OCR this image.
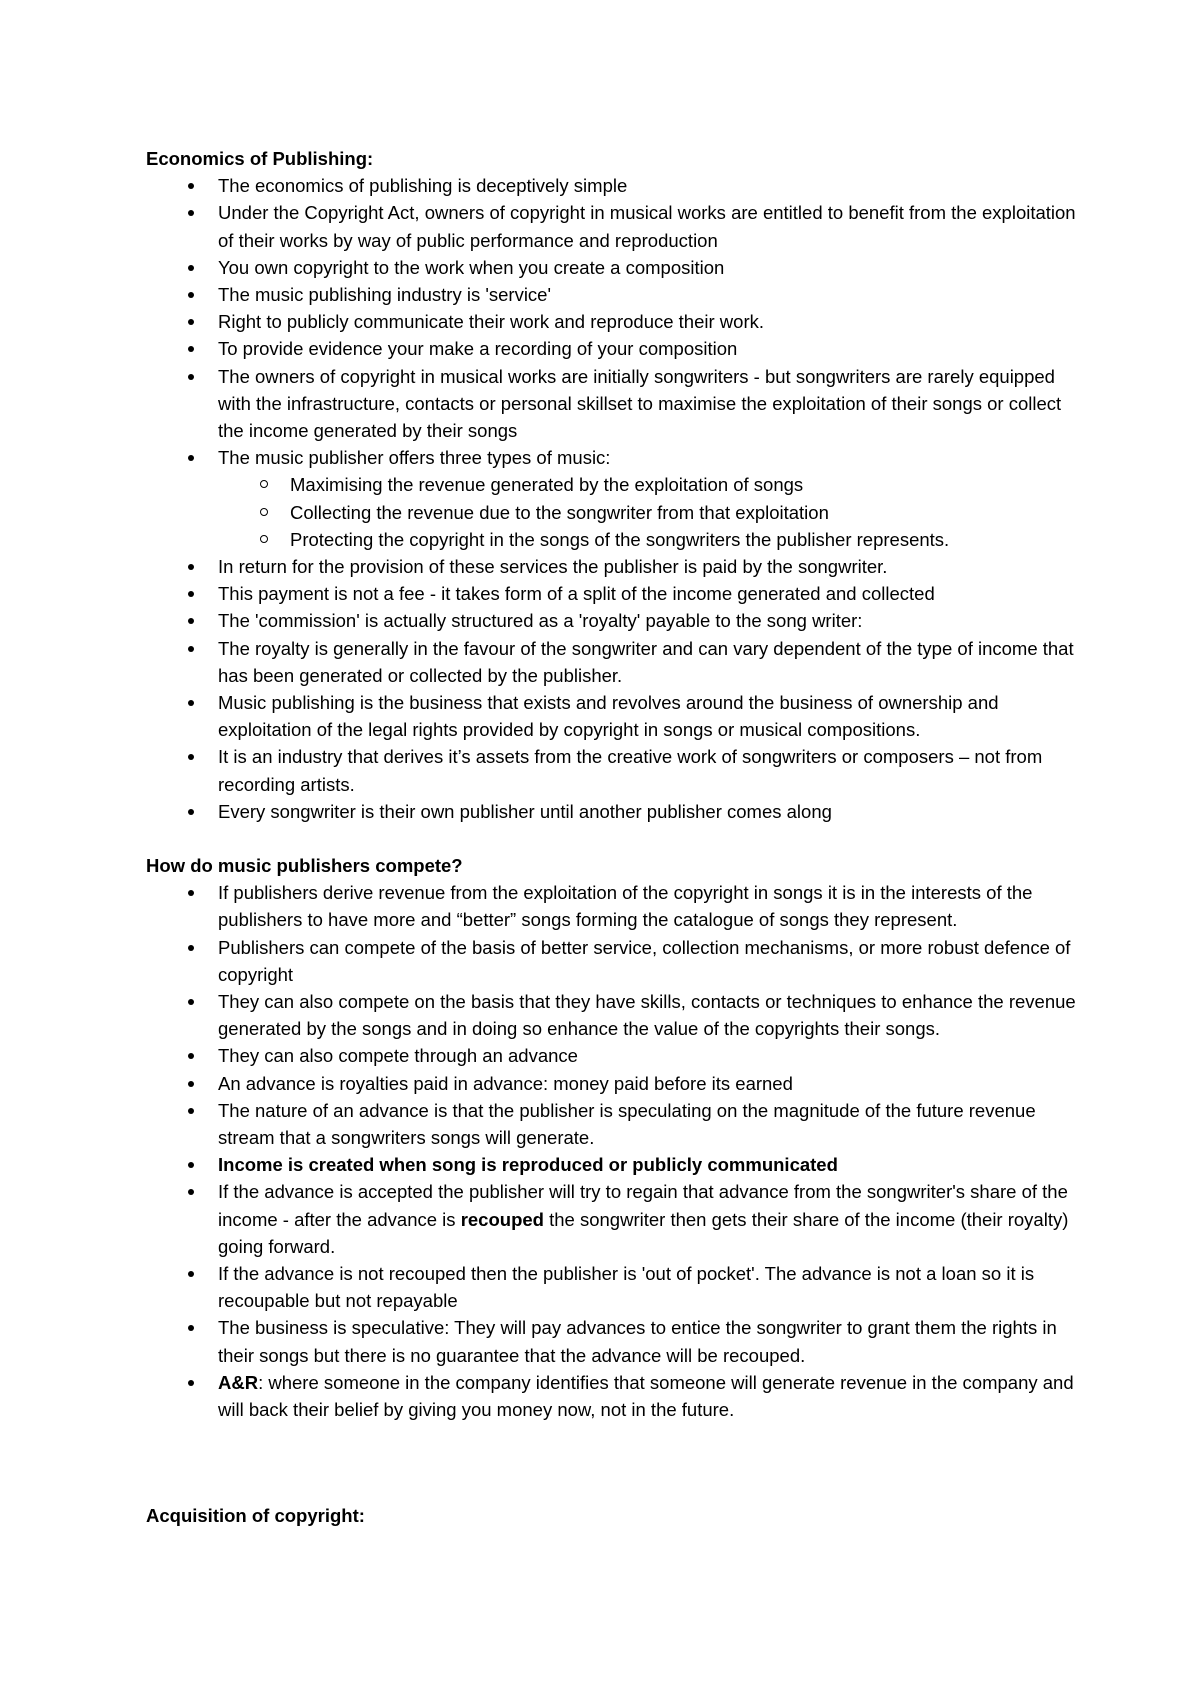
Economics of Publishing:

The economics of publishing is deceptively simple
Under the Copyright Act, owners of copyright in musical works are entitled to benefit from the exploitation of their works by way of public performance and reproduction
You own copyright to the work when you create a composition
The music publishing industry is 'service'
Right to publicly communicate their work and reproduce their work.
To provide evidence your make a recording of your composition
The owners of copyright in musical works are initially songwriters - but songwriters are rarely equipped with the infrastructure, contacts or personal skillset to maximise the exploitation of their songs or collect the income generated by their songs
The music publisher offers three types of music:
Maximising the revenue generated by the exploitation of songs
Collecting the revenue due to the songwriter from that exploitation
Protecting the copyright in the songs of the songwriters the publisher represents.
In return for the provision of these services the publisher is paid by the songwriter.
This payment is not a fee - it takes form of a split of the income generated and collected
The 'commission' is actually structured as a 'royalty' payable to the song writer:
The royalty is generally in the favour of the songwriter and can vary dependent of the type of income that has been generated or collected by the publisher.
Music publishing is the business that exists and revolves around the business of ownership and exploitation of the legal rights provided by copyright in songs or musical compositions.
It is an industry that derives it’s assets from the creative work of songwriters or composers – not from recording artists.
Every songwriter is their own publisher until another publisher comes along

How do music publishers compete?

If publishers derive revenue from the exploitation of the copyright in songs it is in the interests of the publishers to have more and “better” songs forming the catalogue of songs they represent.
Publishers can compete of the basis of better service, collection mechanisms, or more robust defence of copyright
They can also compete on the basis that they have skills, contacts or techniques to enhance the revenue generated by the songs and in doing so enhance the value of the copyrights their songs.
They can also compete through an advance
An advance is royalties paid in advance: money paid before its earned
The nature of an advance is that the publisher is speculating on the magnitude of the future revenue stream that a songwriters songs will generate.
Income is created when song is reproduced or publicly communicated
If the advance is accepted the publisher will try to regain that advance from the songwriter's share of the income - after the advance is recouped the songwriter then gets their share of the income (their royalty) going forward.
If the advance is not recouped then the publisher is 'out of pocket'. The advance is not a loan so it is recoupable but not repayable
The business is speculative: They will pay advances to entice the songwriter to grant them the rights in their songs but there is no guarantee that the advance will be recouped.
A&R: where someone in the company identifies that someone will generate revenue in the company and will back their belief by giving you money now, not in the future.

Acquisition of copyright:
